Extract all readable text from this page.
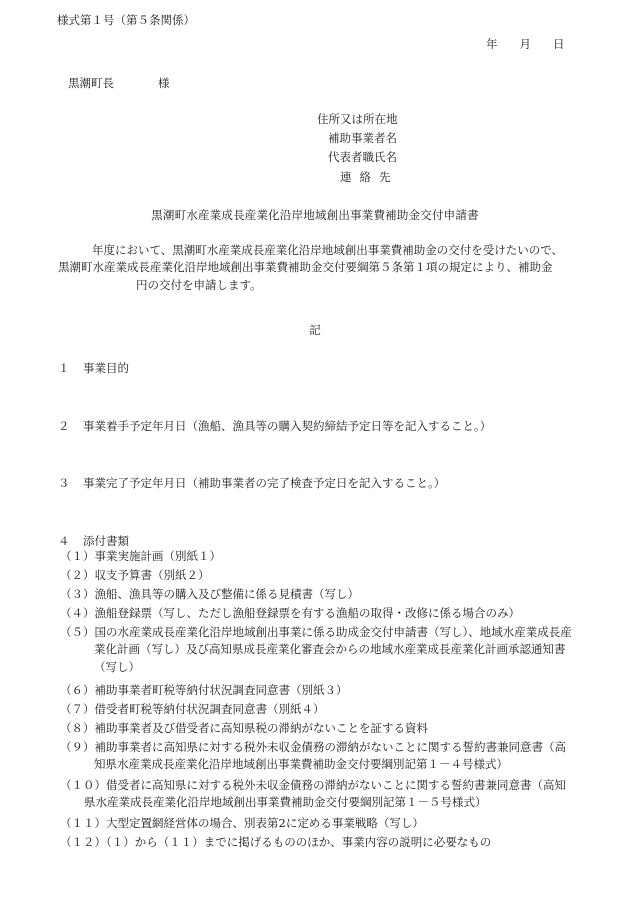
様式第１号（第５条関係）
年 月 日
黒潮町長	様
住所又は所在地
補助事業者名
代表者職氏名
連絡先
黒潮町水産業成長産業化沿岸地域創出事業費補助金交付申請書

年度において、黒潮町水産業成長産業化沿岸地域創出事業費補助金の交付を受けたいので、

黒潮町水産業成長産業化沿岸地域創出事業費補助金交付要綱第５条第１項の規定により、補助金

円の交付を申請します。

記
１ 事業目的
２ 事業着手予定年月日（漁船、漁具等の購入契約締結予定日等を記入すること。）
３ 事業完了予定年月日（補助事業者の完了検査予定日を記入すること。）
４ 添付書類
（１）事業実施計画（別紙１）
（２）収支予算書（別紙２）
（３）漁船、漁具等の購入及び整備に係る見積書（写し）
（４）漁船登録票（写し、ただし漁船登録票を有する漁船の取得・改修に係る場合のみ）
（５）国の水産業成長産業化沿岸地域創出事業に係る助成金交付申請書（写し）、地域水産業成長産
業化計画（写し）及び高知県成長産業化審査会からの地域水産業成長産業化計画承認通知書
（写し）
（６）補助事業者町税等納付状況調査同意書（別紙３）
（７）借受者町税等納付状況調査同意書（別紙４）
（８）補助事業者及び借受者に高知県税の滞納がないことを証する資料
（９）補助事業者に高知県に対する税外未収金債務の滞納がないことに関する誓約書兼同意書（高
知県水産業成長産業化沿岸地域創出事業費補助金交付要綱別記第１－４号様式）
（１０）借受者に高知県に対する税外未収金債務の滞納がないことに関する誓約書兼同意書（高知
県水産業成長産業化沿岸地域創出事業費補助金交付要綱別記第１－５号様式）
（１１）大型定置網経営体の場合、別表第2に定める事業戦略（写し）
（１２）（１）から（１１）までに掲げるもののほか、事業内容の説明に必要なもの
